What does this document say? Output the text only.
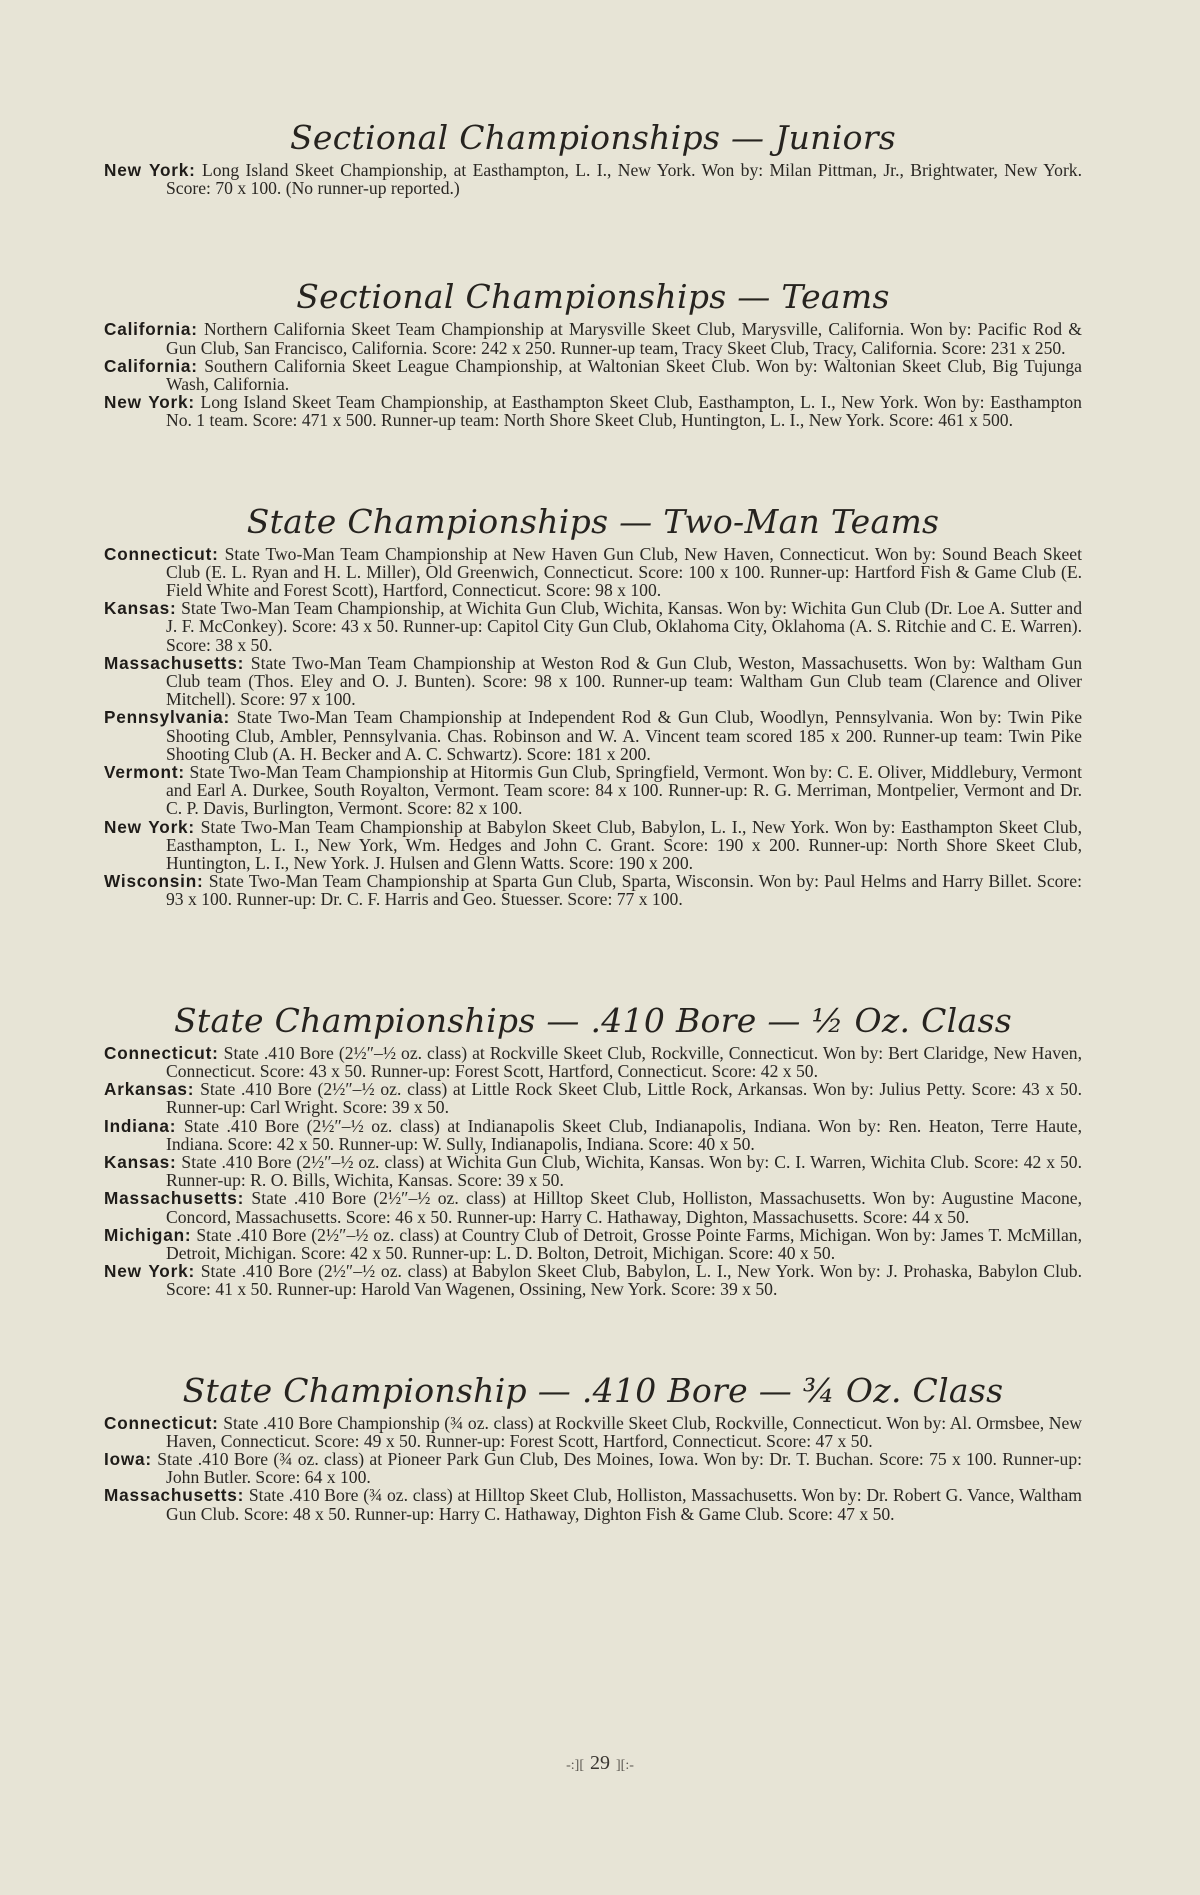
Sectional Championships — Juniors

New York: Long Island Skeet Championship, at Easthampton, L. I., New York. Won by: Milan Pittman, Jr., Brightwater, New York. Score: 70 x 100. (No runner-up reported.)

Sectional Championships — Teams

California: Northern California Skeet Team Championship at Marysville Skeet Club, Marysville, California. Won by: Pacific Rod & Gun Club, San Francisco, California. Score: 242 x 250. Runner-up team, Tracy Skeet Club, Tracy, California. Score: 231 x 250.

California: Southern California Skeet League Championship, at Waltonian Skeet Club. Won by: Waltonian Skeet Club, Big Tujunga Wash, California.

New York: Long Island Skeet Team Championship, at Easthampton Skeet Club, Easthampton, L. I., New York. Won by: Easthampton No. 1 team. Score: 471 x 500. Runner-up team: North Shore Skeet Club, Huntington, L. I., New York. Score: 461 x 500.

State Championships — Two-Man Teams

Connecticut: State Two-Man Team Championship at New Haven Gun Club, New Haven, Connecticut. Won by: Sound Beach Skeet Club (E. L. Ryan and H. L. Miller), Old Greenwich, Connecticut. Score: 100 x 100. Runner-up: Hartford Fish & Game Club (E. Field White and Forest Scott), Hartford, Connecticut. Score: 98 x 100.

Kansas: State Two-Man Team Championship, at Wichita Gun Club, Wichita, Kansas. Won by: Wichita Gun Club (Dr. Loe A. Sutter and J. F. McConkey). Score: 43 x 50. Runner-up: Capitol City Gun Club, Oklahoma City, Oklahoma (A. S. Ritchie and C. E. Warren). Score: 38 x 50.

Massachusetts: State Two-Man Team Championship at Weston Rod & Gun Club, Weston, Massachusetts. Won by: Waltham Gun Club team (Thos. Eley and O. J. Bunten). Score: 98 x 100. Runner-up team: Waltham Gun Club team (Clarence and Oliver Mitchell). Score: 97 x 100.

Pennsylvania: State Two-Man Team Championship at Independent Rod & Gun Club, Woodlyn, Pennsylvania. Won by: Twin Pike Shooting Club, Ambler, Pennsylvania. Chas. Robinson and W. A. Vincent team scored 185 x 200. Runner-up team: Twin Pike Shooting Club (A. H. Becker and A. C. Schwartz). Score: 181 x 200.

Vermont: State Two-Man Team Championship at Hitormis Gun Club, Springfield, Vermont. Won by: C. E. Oliver, Middlebury, Vermont and Earl A. Durkee, South Royalton, Vermont. Team score: 84 x 100. Runner-up: R. G. Merriman, Montpelier, Vermont and Dr. C. P. Davis, Burlington, Vermont. Score: 82 x 100.

New York: State Two-Man Team Championship at Babylon Skeet Club, Babylon, L. I., New York. Won by: Easthampton Skeet Club, Easthampton, L. I., New York, Wm. Hedges and John C. Grant. Score: 190 x 200. Runner-up: North Shore Skeet Club, Huntington, L. I., New York. J. Hulsen and Glenn Watts. Score: 190 x 200.

Wisconsin: State Two-Man Team Championship at Sparta Gun Club, Sparta, Wisconsin. Won by: Paul Helms and Harry Billet. Score: 93 x 100. Runner-up: Dr. C. F. Harris and Geo. Stuesser. Score: 77 x 100.

State Championships — .410 Bore — ½ Oz. Class

Connecticut: State .410 Bore (2½″–½ oz. class) at Rockville Skeet Club, Rockville, Connecticut. Won by: Bert Claridge, New Haven, Connecticut. Score: 43 x 50. Runner-up: Forest Scott, Hartford, Connecticut. Score: 42 x 50.

Arkansas: State .410 Bore (2½″–½ oz. class) at Little Rock Skeet Club, Little Rock, Arkansas. Won by: Julius Petty. Score: 43 x 50. Runner-up: Carl Wright. Score: 39 x 50.

Indiana: State .410 Bore (2½″–½ oz. class) at Indianapolis Skeet Club, Indianapolis, Indiana. Won by: Ren. Heaton, Terre Haute, Indiana. Score: 42 x 50. Runner-up: W. Sully, Indianapolis, Indiana. Score: 40 x 50.

Kansas: State .410 Bore (2½″–½ oz. class) at Wichita Gun Club, Wichita, Kansas. Won by: C. I. Warren, Wichita Club. Score: 42 x 50. Runner-up: R. O. Bills, Wichita, Kansas. Score: 39 x 50.

Massachusetts: State .410 Bore (2½″–½ oz. class) at Hilltop Skeet Club, Holliston, Massachusetts. Won by: Augustine Macone, Concord, Massachusetts. Score: 46 x 50. Runner-up: Harry C. Hathaway, Dighton, Massachusetts. Score: 44 x 50.

Michigan: State .410 Bore (2½″–½ oz. class) at Country Club of Detroit, Grosse Pointe Farms, Michigan. Won by: James T. McMillan, Detroit, Michigan. Score: 42 x 50. Runner-up: L. D. Bolton, Detroit, Michigan. Score: 40 x 50.

New York: State .410 Bore (2½″–½ oz. class) at Babylon Skeet Club, Babylon, L. I., New York. Won by: J. Prohaska, Babylon Club. Score: 41 x 50. Runner-up: Harold Van Wagenen, Ossining, New York. Score: 39 x 50.

State Championship — .410 Bore — ¾ Oz. Class

Connecticut: State .410 Bore Championship (¾ oz. class) at Rockville Skeet Club, Rockville, Connecticut. Won by: Al. Ormsbee, New Haven, Connecticut. Score: 49 x 50. Runner-up: Forest Scott, Hartford, Connecticut. Score: 47 x 50.

Iowa: State .410 Bore (¾ oz. class) at Pioneer Park Gun Club, Des Moines, Iowa. Won by: Dr. T. Buchan. Score: 75 x 100. Runner-up: John Butler. Score: 64 x 100.

Massachusetts: State .410 Bore (¾ oz. class) at Hilltop Skeet Club, Holliston, Massachusetts. Won by: Dr. Robert G. Vance, Waltham Gun Club. Score: 48 x 50. Runner-up: Harry C. Hathaway, Dighton Fish & Game Club. Score: 47 x 50.

-:][ 29 ][:-
